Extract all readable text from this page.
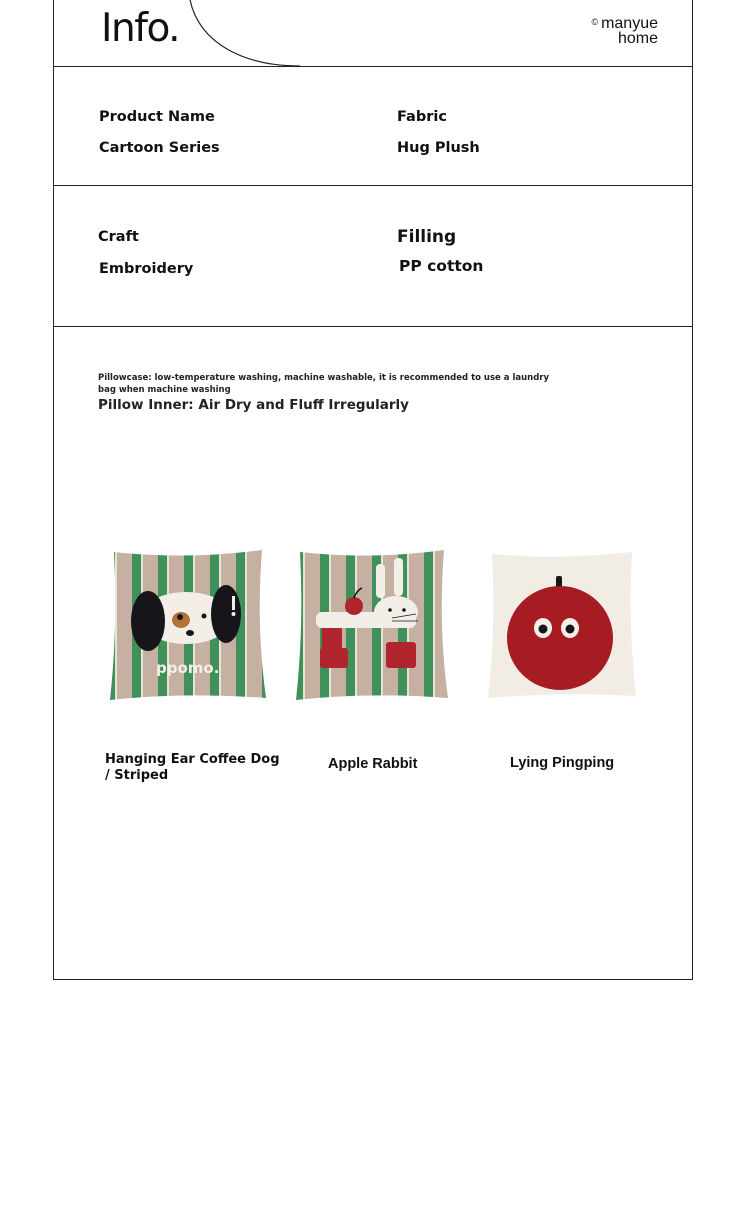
Info.	© manyue
home
Product Name
Cartoon Series
Fabric
Hug Plush
Craft
Embroidery
Filling
PP cotton
Pillowcase: low-temperature washing, machine washable, it is recommended to use a laundry bag when machine washing
Pillow Inner: Air Dry and Fluff Irregularly
ppomo.
Hanging Ear Coffee Dog / Striped
Apple Rabbit	Lying Pingping
